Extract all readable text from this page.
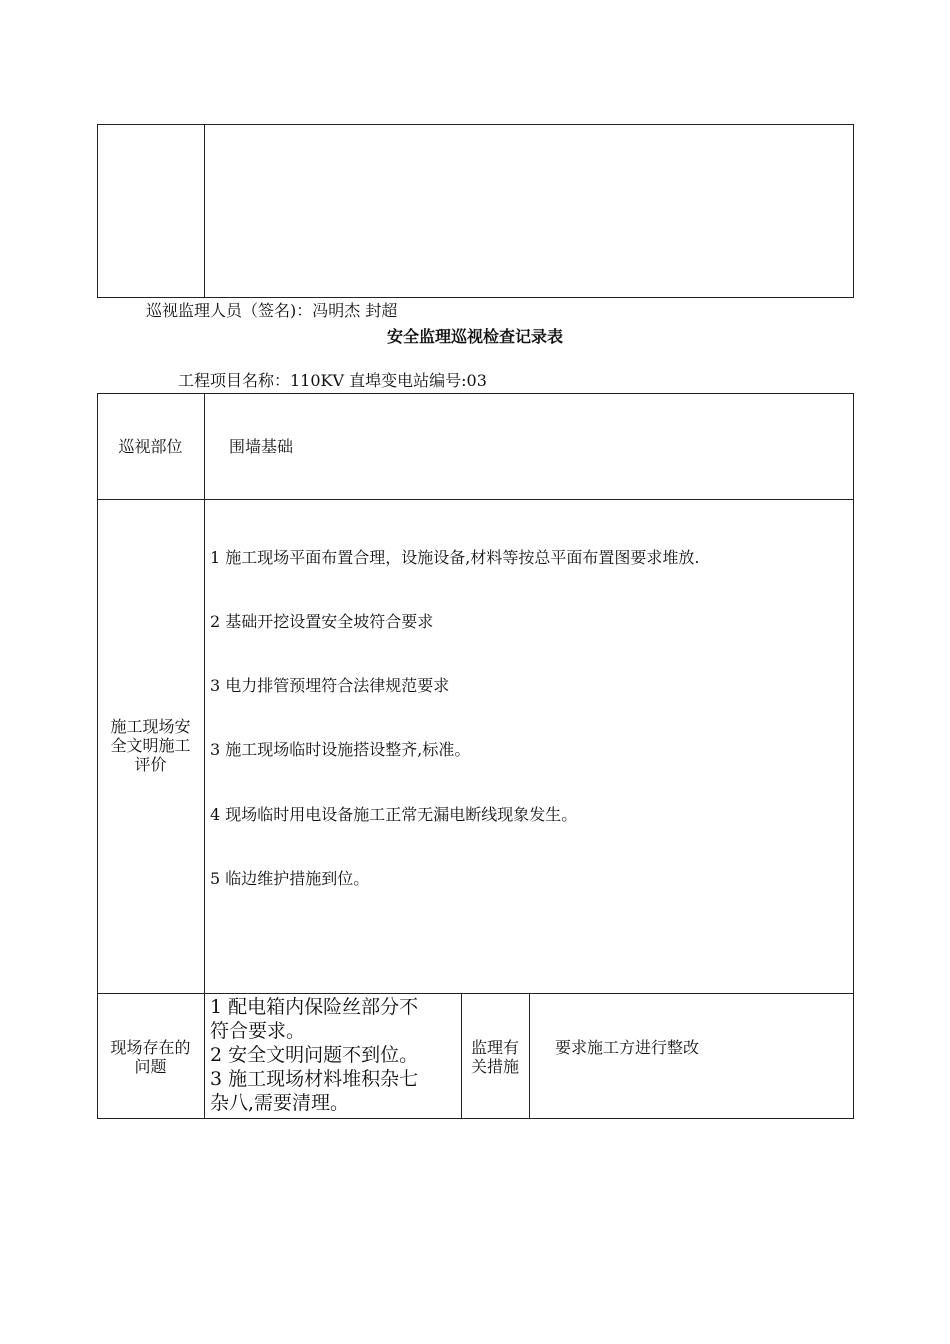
巡视监理人员（签名)：冯明杰 封超
安全监理巡视检查记录表
工程项目名称：110KV 直埠变电站编号:03
巡视部位	围墙基础
施工现场安
全文明施工
评价
1 施工现场平面布置合理，设施设备,材料等按总平面布置图要求堆放.
2 基础开挖设置安全坡符合要求
3 电力排管预埋符合法律规范要求
3 施工现场临时设施搭设整齐,标准。
4 现场临时用电设备施工正常无漏电断线现象发生。
5 临边维护措施到位。
现场存在的
问题
1 配电箱内保险丝部分不
符合要求。
2 安全文明问题不到位。
3 施工现场材料堆积杂七
杂八,需要清理。
监理有
关措施
要求施工方进行整改
